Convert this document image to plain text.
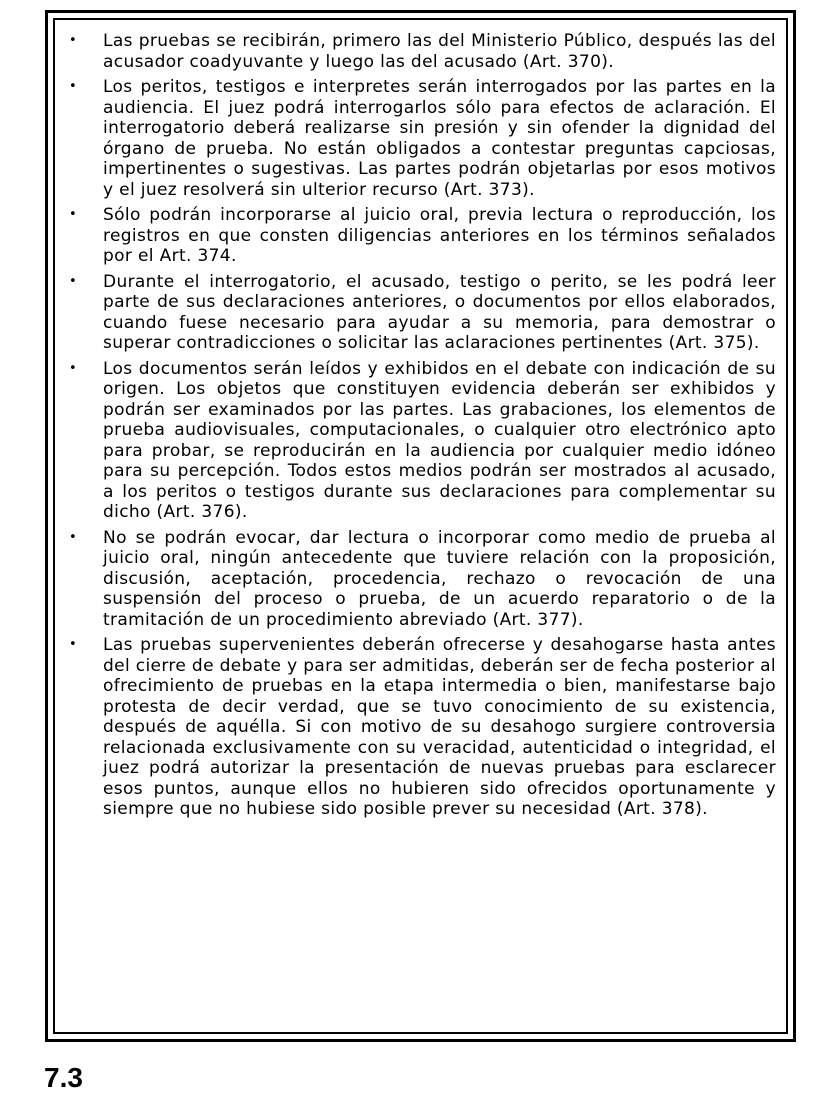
• Las pruebas se recibirán, primero las del Ministerio Público, después las del acusador coadyuvante y luego las del acusado (Art. 370).
• Los peritos, testigos e interpretes serán interrogados por las partes en la audiencia. El juez podrá interrogarlos sólo para efectos de aclaración. El interrogatorio deberá realizarse sin presión y sin ofender la dignidad del órgano de prueba. No están obligados a contestar preguntas capciosas, impertinentes o sugestivas. Las partes podrán objetarlas por esos motivos y el juez resolverá sin ulterior recurso (Art. 373).
• Sólo podrán incorporarse al juicio oral, previa lectura o reproducción, los registros en que consten diligencias anteriores en los términos señalados por el Art. 374.
• Durante el interrogatorio, el acusado, testigo o perito, se les podrá leer parte de sus declaraciones anteriores, o documentos por ellos elaborados, cuando fuese necesario para ayudar a su memoria, para demostrar o superar contradicciones o solicitar las aclaraciones pertinentes (Art. 375).
• Los documentos serán leídos y exhibidos en el debate con indicación de su origen. Los objetos que constituyen evidencia deberán ser exhibidos y podrán ser examinados por las partes. Las grabaciones, los elementos de prueba audiovisuales, computacionales, o cualquier otro electrónico apto para probar, se reproducirán en la audiencia por cualquier medio idóneo para su percepción. Todos estos medios podrán ser mostrados al acusado, a los peritos o testigos durante sus declaraciones para complementar su dicho (Art. 376).
• No se podrán evocar, dar lectura o incorporar como medio de prueba al juicio oral, ningún antecedente que tuviere relación con la proposición, discusión, aceptación, procedencia, rechazo o revocación de una suspensión del proceso o prueba, de un acuerdo reparatorio o de la tramitación de un procedimiento abreviado (Art. 377).
• Las pruebas supervenientes deberán ofrecerse y desahogarse hasta antes del cierre de debate y para ser admitidas, deberán ser de fecha posterior al ofrecimiento de pruebas en la etapa intermedia o bien, manifestarse bajo protesta de decir verdad, que se tuvo conocimiento de su existencia, después de aquélla. Si con motivo de su desahogo surgiere controversia relacionada exclusivamente con su veracidad, autenticidad o integridad, el juez podrá autorizar la presentación de nuevas pruebas para esclarecer esos puntos, aunque ellos no hubieren sido ofrecidos oportunamente y siempre que no hubiese sido posible prever su necesidad (Art. 378).
7.3
